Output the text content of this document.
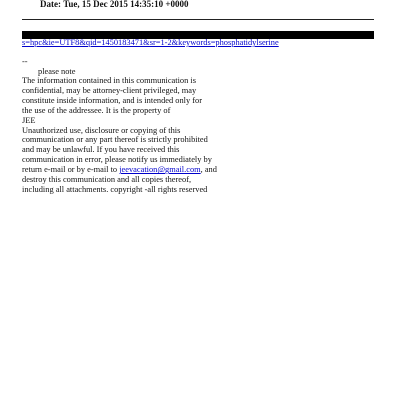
Date: Tue, 15 Dec 2015 14:35:10 +0000
s=hpc&ie=UTF8&qid=1450183471&sr=1-2&keywords=phosphatidylserine
--
please note
The information contained in this communication is
confidential, may be attorney-client privileged, may
constitute inside information, and is intended only for
the use of the addressee. It is the property of
JEE
Unauthorized use, disclosure or copying of this
communication or any part thereof is strictly prohibited
and may be unlawful. If you have received this
communication in error, please notify us immediately by
return e-mail or by e-mail to jeevacation@gmail.com, and
destroy this communication and all copies thereof,
including all attachments. copyright -all rights reserved
